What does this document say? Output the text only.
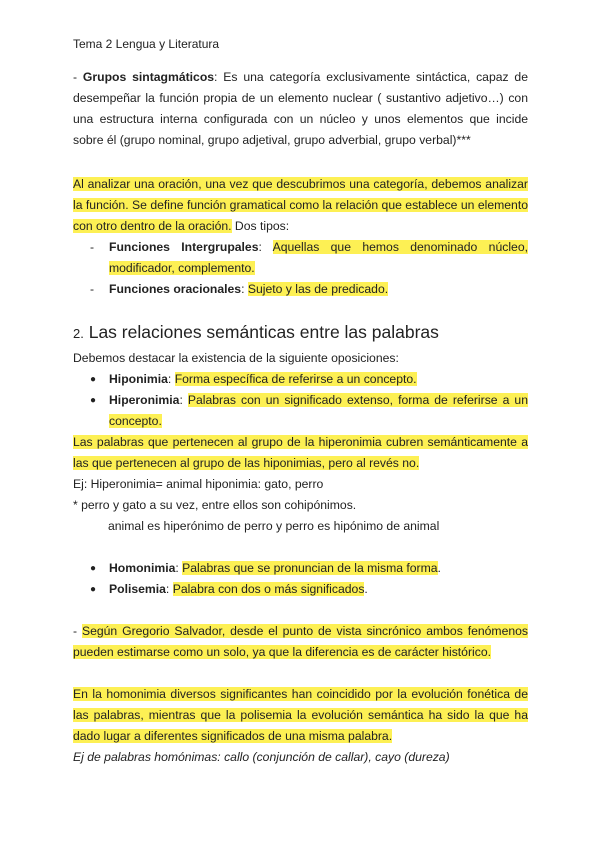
Tema 2 Lengua y Literatura
- Grupos sintagmáticos: Es una categoría exclusivamente sintáctica, capaz de desempeñar la función propia de un elemento nuclear ( sustantivo adjetivo…) con una estructura interna configurada con un núcleo y unos elementos que incide sobre él (grupo nominal, grupo adjetival, grupo adverbial, grupo verbal)***
Al analizar una oración, una vez que descubrimos una categoría, debemos analizar la función. Se define función gramatical como la relación que establece un elemento con otro dentro de la oración. Dos tipos:
- Funciones Intergrupales: Aquellas que hemos denominado núcleo, modificador, complemento.
- Funciones oracionales: Sujeto y las de predicado.
2. Las relaciones semánticas entre las palabras
Debemos destacar la existencia de la siguiente oposiciones:
● Hiponimia: Forma específica de referirse a un concepto.
● Hiperonimia: Palabras con un significado extenso, forma de referirse a un concepto.
Las palabras que pertenecen al grupo de la hiperonimia cubren semánticamente a las que pertenecen al grupo de las hiponimias, pero al revés no.
Ej: Hiperonimia= animal hiponimia: gato, perro
* perro y gato a su vez, entre ellos son cohipónimos.
animal es hiperónimo de perro y perro es hipónimo de animal
● Homonimia: Palabras que se pronuncian de la misma forma.
● Polisemia: Palabra con dos o más significados.
- Según Gregorio Salvador, desde el punto de vista sincrónico ambos fenómenos pueden estimarse como un solo, ya que la diferencia es de carácter histórico.
En la homonimia diversos significantes han coincidido por la evolución fonética de las palabras, mientras que la polisemia la evolución semántica ha sido la que ha dado lugar a diferentes significados de una misma palabra.
Ej de palabras homónimas: callo (conjunción de callar), cayo (dureza)
